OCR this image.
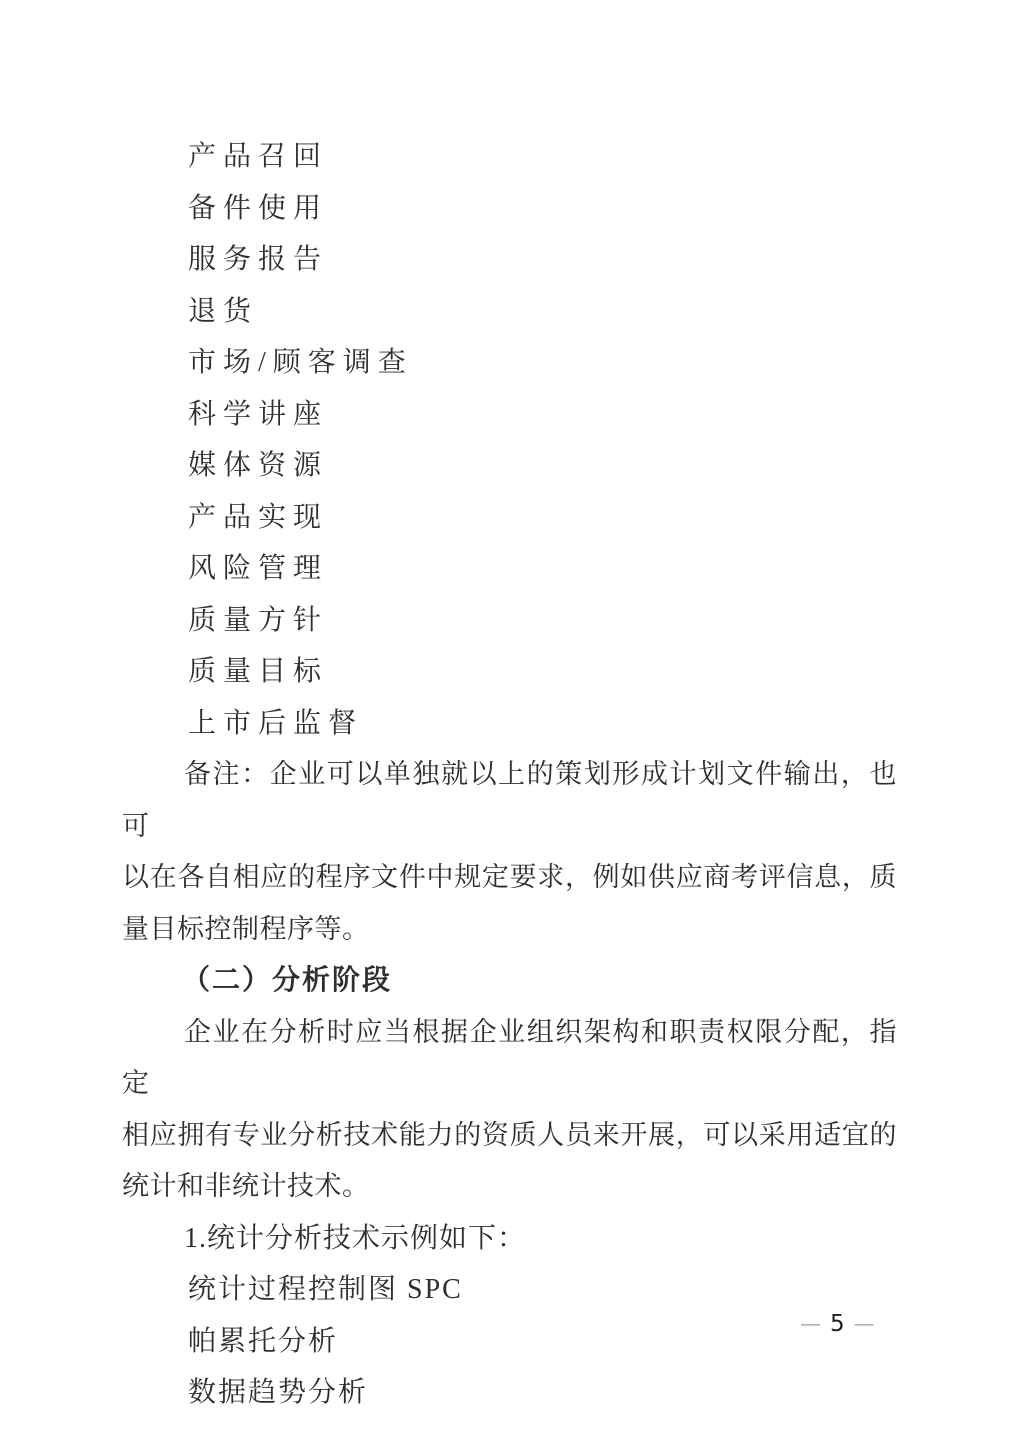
产品召回
备件使用
服务报告
退货
市场/顾客调查
科学讲座
媒体资源
产品实现
风险管理
质量方针
质量目标
上市后监督
备注：企业可以单独就以上的策划形成计划文件输出，也可
以在各自相应的程序文件中规定要求，例如供应商考评信息，质
量目标控制程序等。
（二）分析阶段
企业在分析时应当根据企业组织架构和职责权限分配，指定
相应拥有专业分析技术能力的资质人员来开展，可以采用适宜的
统计和非统计技术。
1.统计分析技术示例如下：
统计过程控制图 SPC
帕累托分析
数据趋势分析
— 5 —
